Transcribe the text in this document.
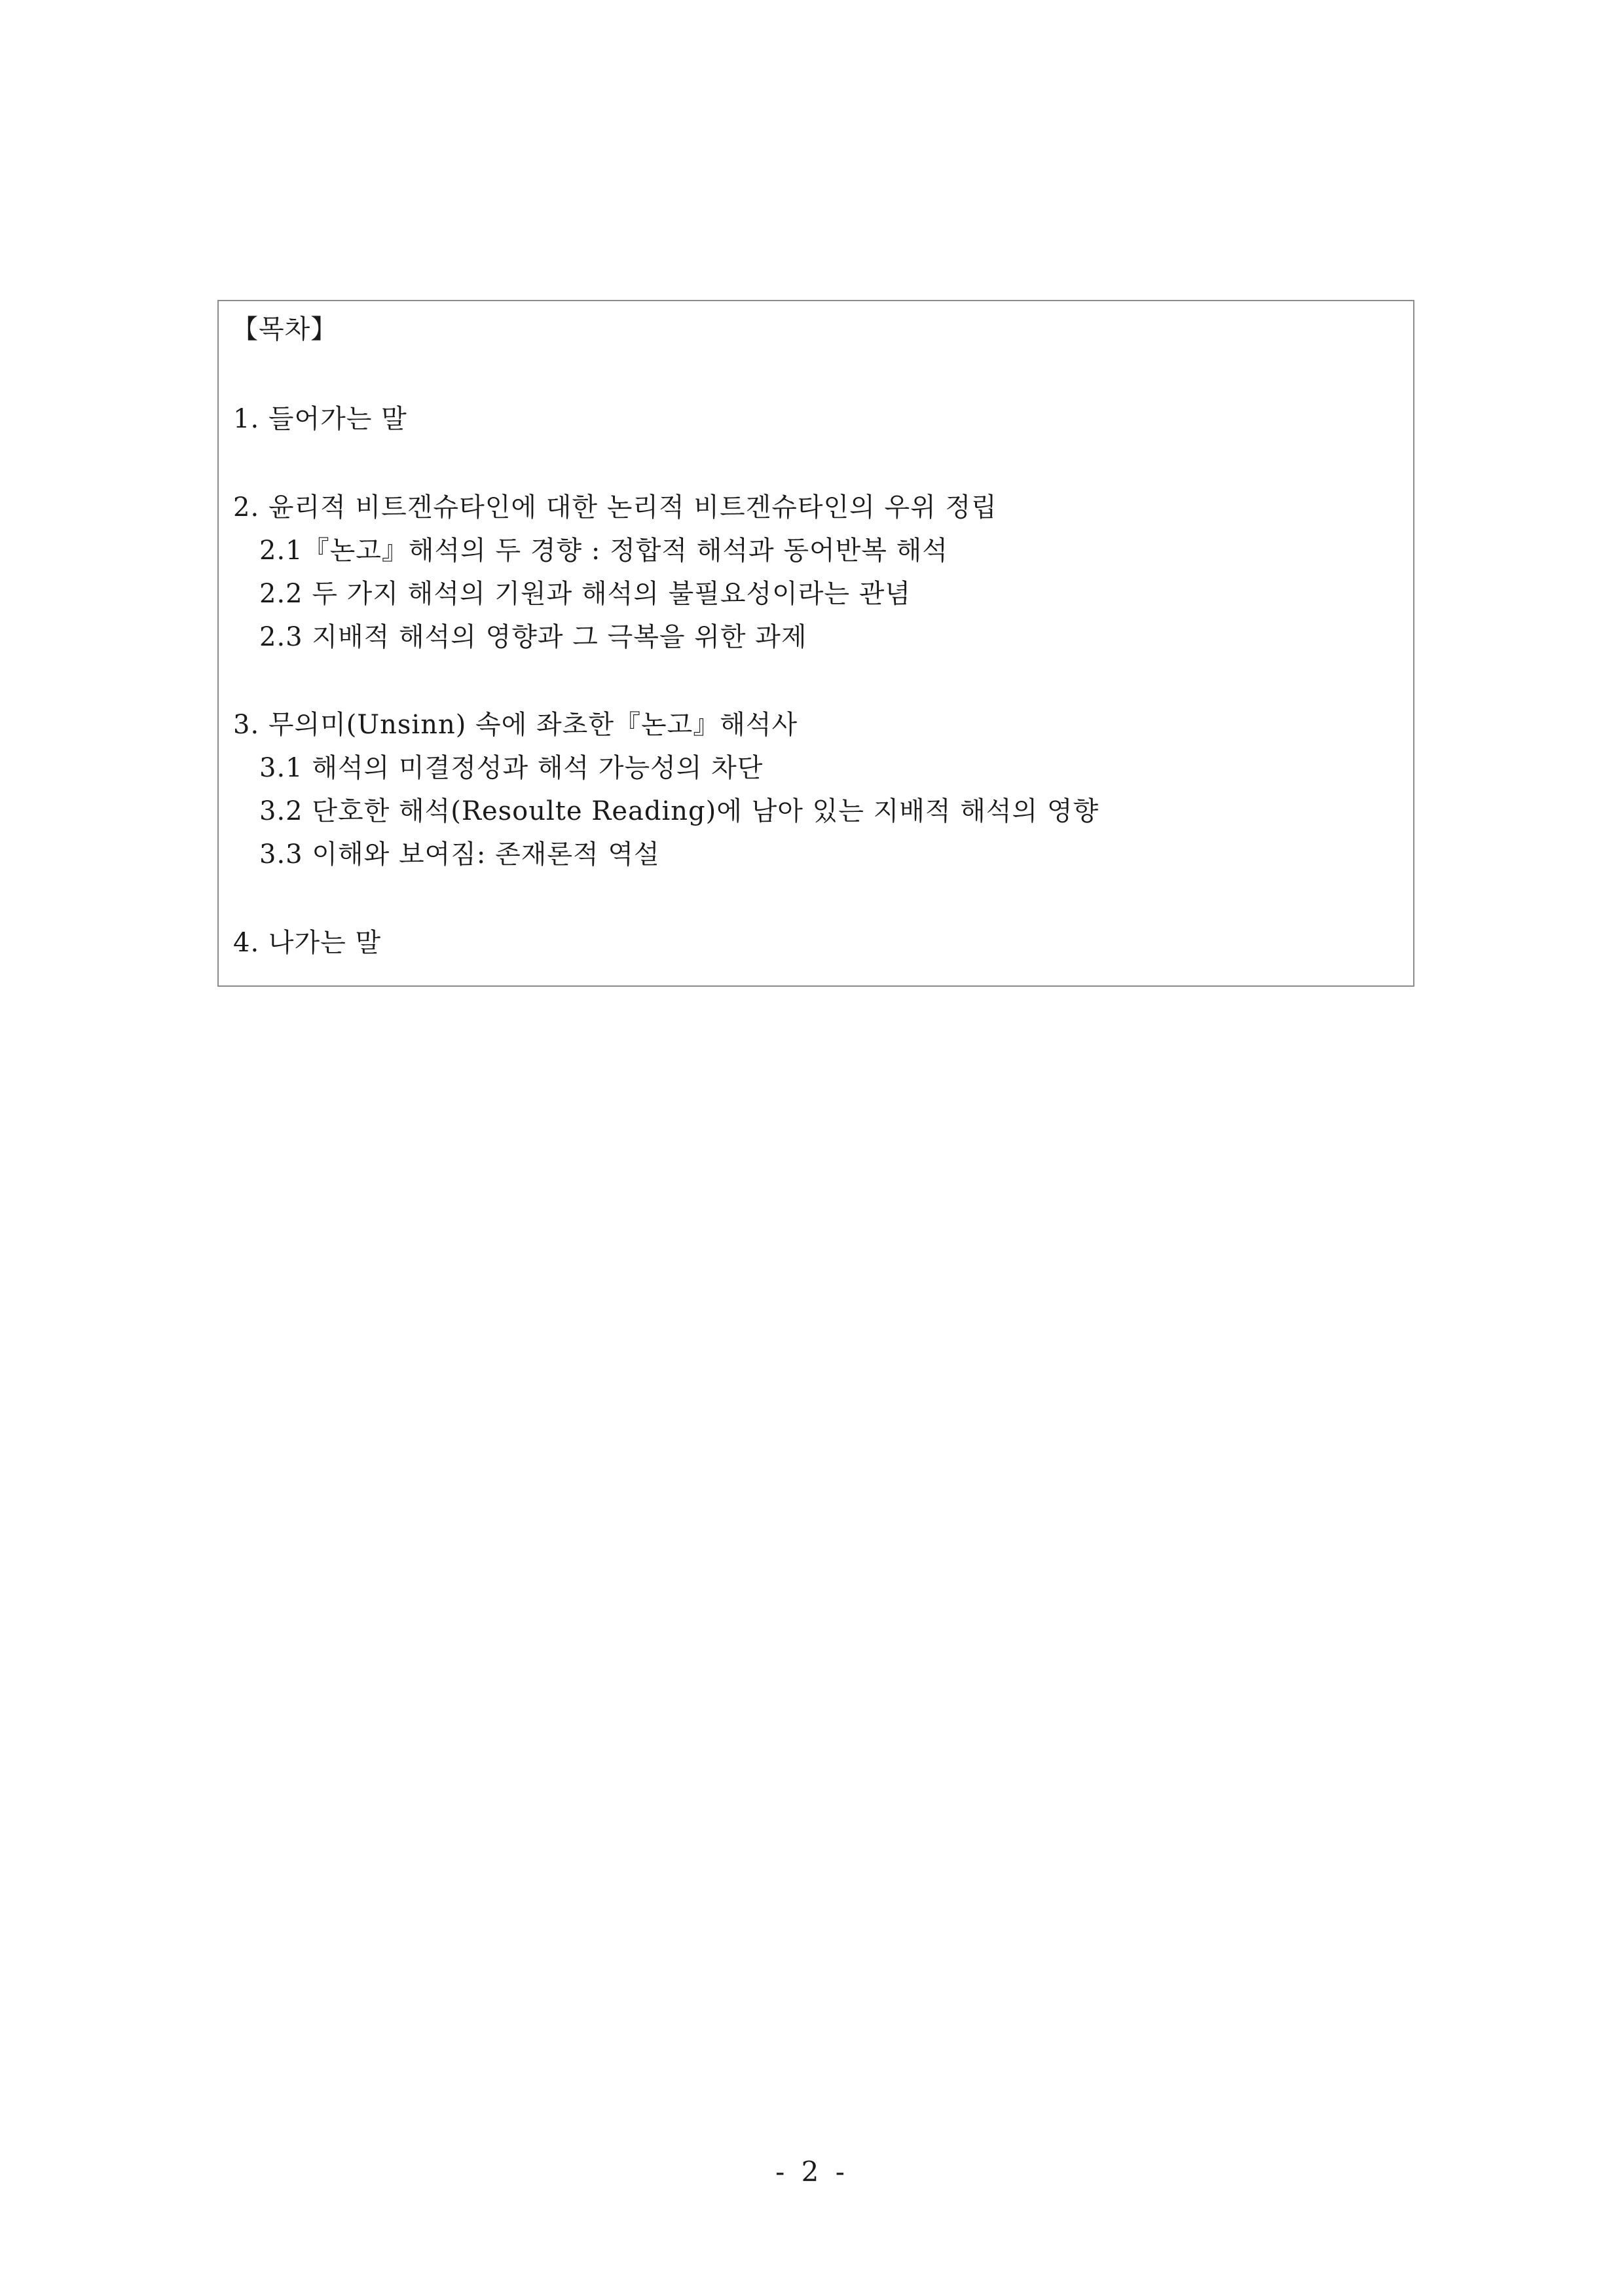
【목차】
1. 들어가는 말
2. 윤리적 비트겐슈타인에 대한 논리적 비트겐슈타인의 우위 정립
2.1『논고』해석의 두 경향 : 정합적 해석과 동어반복 해석
2.2 두 가지 해석의 기원과 해석의 불필요성이라는 관념
2.3 지배적 해석의 영향과 그 극복을 위한 과제
3. 무의미(Unsinn) 속에 좌초한『논고』해석사
3.1 해석의 미결정성과 해석 가능성의 차단
3.2 단호한 해석(Resoulte Reading)에 남아 있는 지배적 해석의 영향
3.3 이해와 보여짐: 존재론적 역설
4. 나가는 말
- 2 -
